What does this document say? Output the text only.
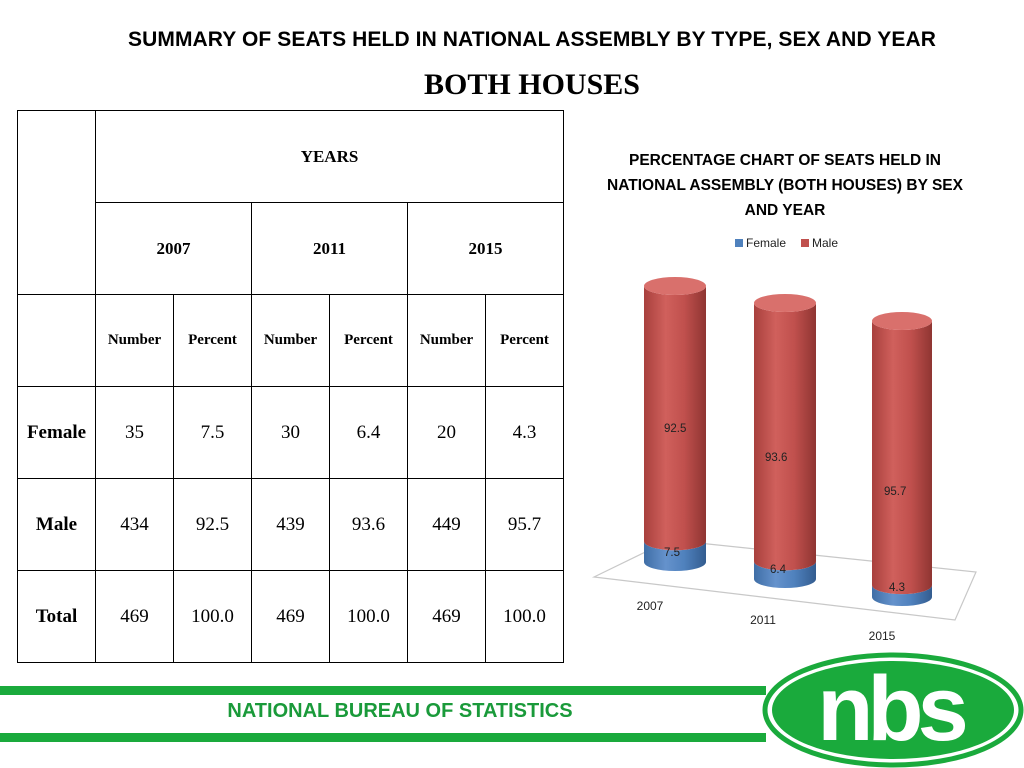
SUMMARY OF SEATS HELD IN NATIONAL ASSEMBLY BY TYPE, SEX AND YEAR
BOTH HOUSES
	YEARS					
	2007		2011		2015	
	Number	Percent	Number	Percent	Number	Percent
Female	35	7.5	30	6.4	20	4.3
Male	434	92.5	439	93.6	449	95.7
Total	469	100.0	469	100.0	469	100.0
PERCENTAGE CHART OF SEATS HELD IN NATIONAL ASSEMBLY (BOTH HOUSES) BY SEX AND YEAR
Female Male
7.5
92.5
2007
6.4
93.6
2011
4.3
95.7
2015
NATIONAL BUREAU OF STATISTICS	nbs
